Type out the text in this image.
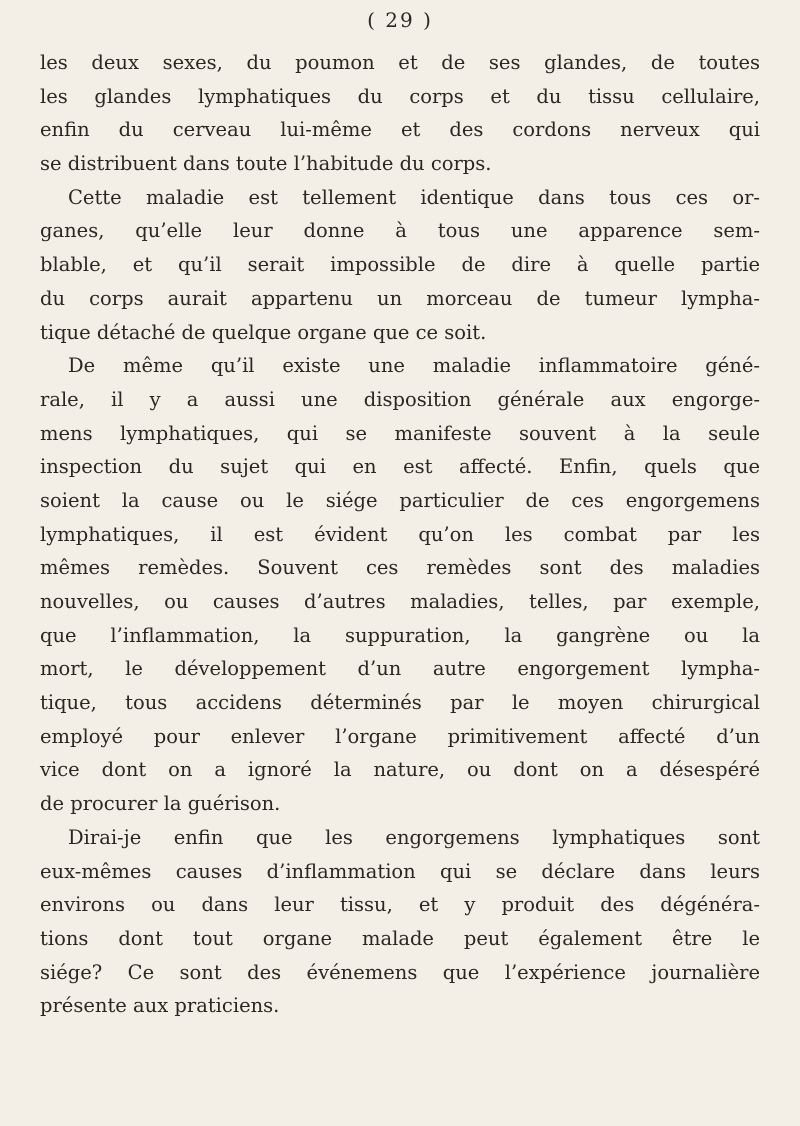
( 29 )
les deux sexes, du poumon et de ses glandes, de toutes
les glandes lymphatiques du corps et du tissu cellulaire,
enfin du cerveau lui-même et des cordons nerveux qui
se distribuent dans toute l’habitude du corps.
Cette maladie est tellement identique dans tous ces or-
ganes, qu’elle leur donne à tous une apparence sem-
blable, et qu’il serait impossible de dire à quelle partie
du corps aurait appartenu un morceau de tumeur lympha-
tique détaché de quelque organe que ce soit.
De même qu’il existe une maladie inflammatoire géné-
rale, il y a aussi une disposition générale aux engorge-
mens lymphatiques, qui se manifeste souvent à la seule
inspection du sujet qui en est affecté. Enfin, quels que
soient la cause ou le siége particulier de ces engorgemens
lymphatiques, il est évident qu’on les combat par les
mêmes remèdes. Souvent ces remèdes sont des maladies
nouvelles, ou causes d’autres maladies, telles, par exemple,
que l’inflammation, la suppuration, la gangrène ou la
mort, le développement d’un autre engorgement lympha-
tique, tous accidens déterminés par le moyen chirurgical
employé pour enlever l’organe primitivement affecté d’un
vice dont on a ignoré la nature, ou dont on a désespéré
de procurer la guérison.
Dirai-je enfin que les engorgemens lymphatiques sont
eux-mêmes causes d’inflammation qui se déclare dans leurs
environs ou dans leur tissu, et y produit des dégénéra-
tions dont tout organe malade peut également être le
siége? Ce sont des événemens que l’expérience journalière
présente aux praticiens.
